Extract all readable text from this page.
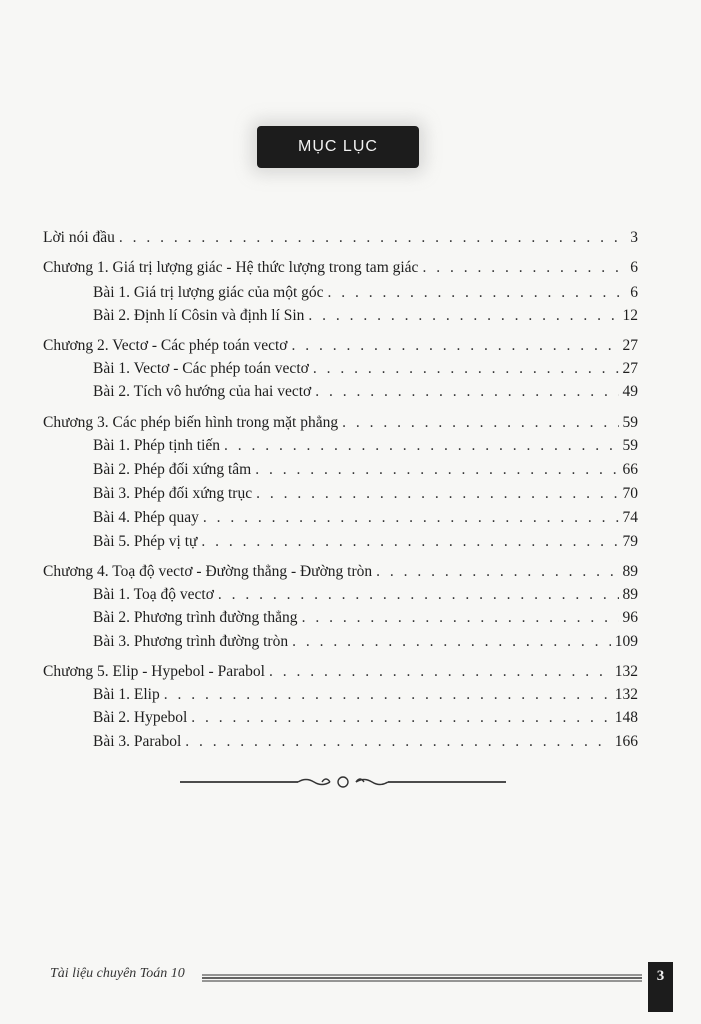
MỤC LỤC
Lời nói đầu . . .	3
Chương 1. Giá trị lượng giác - Hệ thức lượng trong tam giác . . .	6
Bài 1. Giá trị lượng giác của một góc . . .	6
Bài 2. Định lí Côsin và định lí Sin . . .	12
Chương 2. Vectơ - Các phép toán vectơ . . .	27
Bài 1. Vectơ - Các phép toán vectơ . . .	27
Bài 2. Tích vô hướng của hai vectơ . . .	49
Chương 3. Các phép biến hình trong mặt phẳng . . .	59
Bài 1. Phép tịnh tiến . . .	59
Bài 2. Phép đối xứng tâm . . .	66
Bài 3. Phép đối xứng trục . . .	70
Bài 4. Phép quay . . .	74
Bài 5. Phép vị tự . . .	79
Chương 4. Toạ độ vectơ - Đường thẳng - Đường tròn . . .	89
Bài 1. Toạ độ vectơ . . .	89
Bài 2. Phương trình đường thẳng . . .	96
Bài 3. Phương trình đường tròn . . .	109
Chương 5. Elip - Hypebol - Parabol . . .	132
Bài 1. Elip . . .	132
Bài 2. Hypebol . . .	148
Bài 3. Parabol . . .	166
Tài liệu chuyên Toán 10	3
